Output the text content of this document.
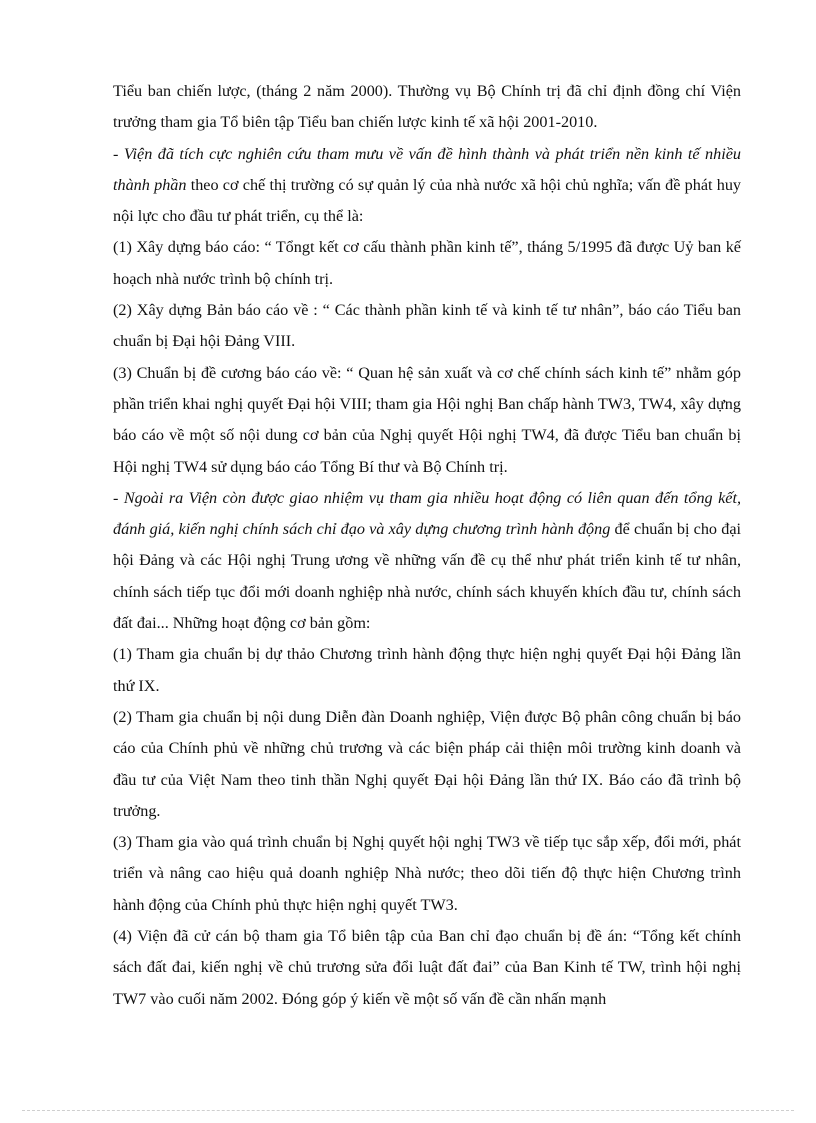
Tiểu ban chiến lược, (tháng 2 năm 2000). Thường vụ Bộ Chính trị đã chỉ định đồng chí Viện trưởng tham gia Tổ biên tập Tiểu ban chiến lược kinh tế xã hội 2001-2010.

- Viện đã tích cực nghiên cứu tham mưu về vấn đề hình thành và phát triển nền kinh tế nhiều thành phần theo cơ chế thị trường có sự quản lý của nhà nước xã hội chủ nghĩa; vấn đề phát huy nội lực cho đầu tư phát triển, cụ thể là:

(1) Xây dựng báo cáo: “ Tổngt kết cơ cấu thành phần kinh tế”, tháng 5/1995 đã được Uỷ ban kế hoạch nhà nước trình bộ chính trị.

(2) Xây dựng Bản báo cáo về : “ Các thành phần kinh tế và kinh tế tư nhân”, báo cáo Tiểu ban chuẩn bị Đại hội Đảng VIII.

(3) Chuẩn bị đề cương báo cáo về: “ Quan hệ sản xuất và cơ chế chính sách kinh tế” nhằm góp phần triển khai nghị quyết Đại hội VIII; tham gia Hội nghị Ban chấp hành TW3, TW4, xây dựng báo cáo về một số nội dung cơ bản của Nghị quyết Hội nghị TW4, đã được Tiểu ban chuẩn bị Hội nghị TW4 sử dụng báo cáo Tổng Bí thư và Bộ Chính trị.

- Ngoài ra Viện còn được giao nhiệm vụ tham gia nhiều hoạt động có liên quan đến tổng kết, đánh giá, kiến nghị chính sách chỉ đạo và xây dựng chương trình hành động để chuẩn bị cho đại hội Đảng và các Hội nghị Trung ương về những vấn đề cụ thể như phát triển kinh tế tư nhân, chính sách tiếp tục đổi mới doanh nghiệp nhà nước, chính sách khuyến khích đầu tư, chính sách đất đai... Những hoạt động cơ bản gồm:

(1) Tham gia chuẩn bị dự thảo Chương trình hành động thực hiện nghị quyết Đại hội Đảng lần thứ IX.

(2) Tham gia chuẩn bị nội dung Diễn đàn Doanh nghiệp, Viện được Bộ phân công chuẩn bị báo cáo của Chính phủ về những chủ trương và các biện pháp cải thiện môi trường kinh doanh và đầu tư của Việt Nam theo tinh thần Nghị quyết Đại hội Đảng lần thứ IX. Báo cáo đã trình bộ trưởng.

(3) Tham gia vào quá trình chuẩn bị Nghị quyết hội nghị TW3 về tiếp tục sắp xếp, đổi mới, phát triển và nâng cao hiệu quả doanh nghiệp Nhà nước; theo dõi tiến độ thực hiện Chương trình hành động của Chính phủ thực hiện nghị quyết TW3.

(4) Viện đã cử cán bộ tham gia Tổ biên tập của Ban chỉ đạo chuẩn bị đề án: “Tổng kết chính sách đất đai, kiến nghị về chủ trương sửa đổi luật đất đai” của Ban Kinh tế TW, trình hội nghị TW7 vào cuối năm 2002. Đóng góp ý kiến về một số vấn đề cần nhấn mạnh
